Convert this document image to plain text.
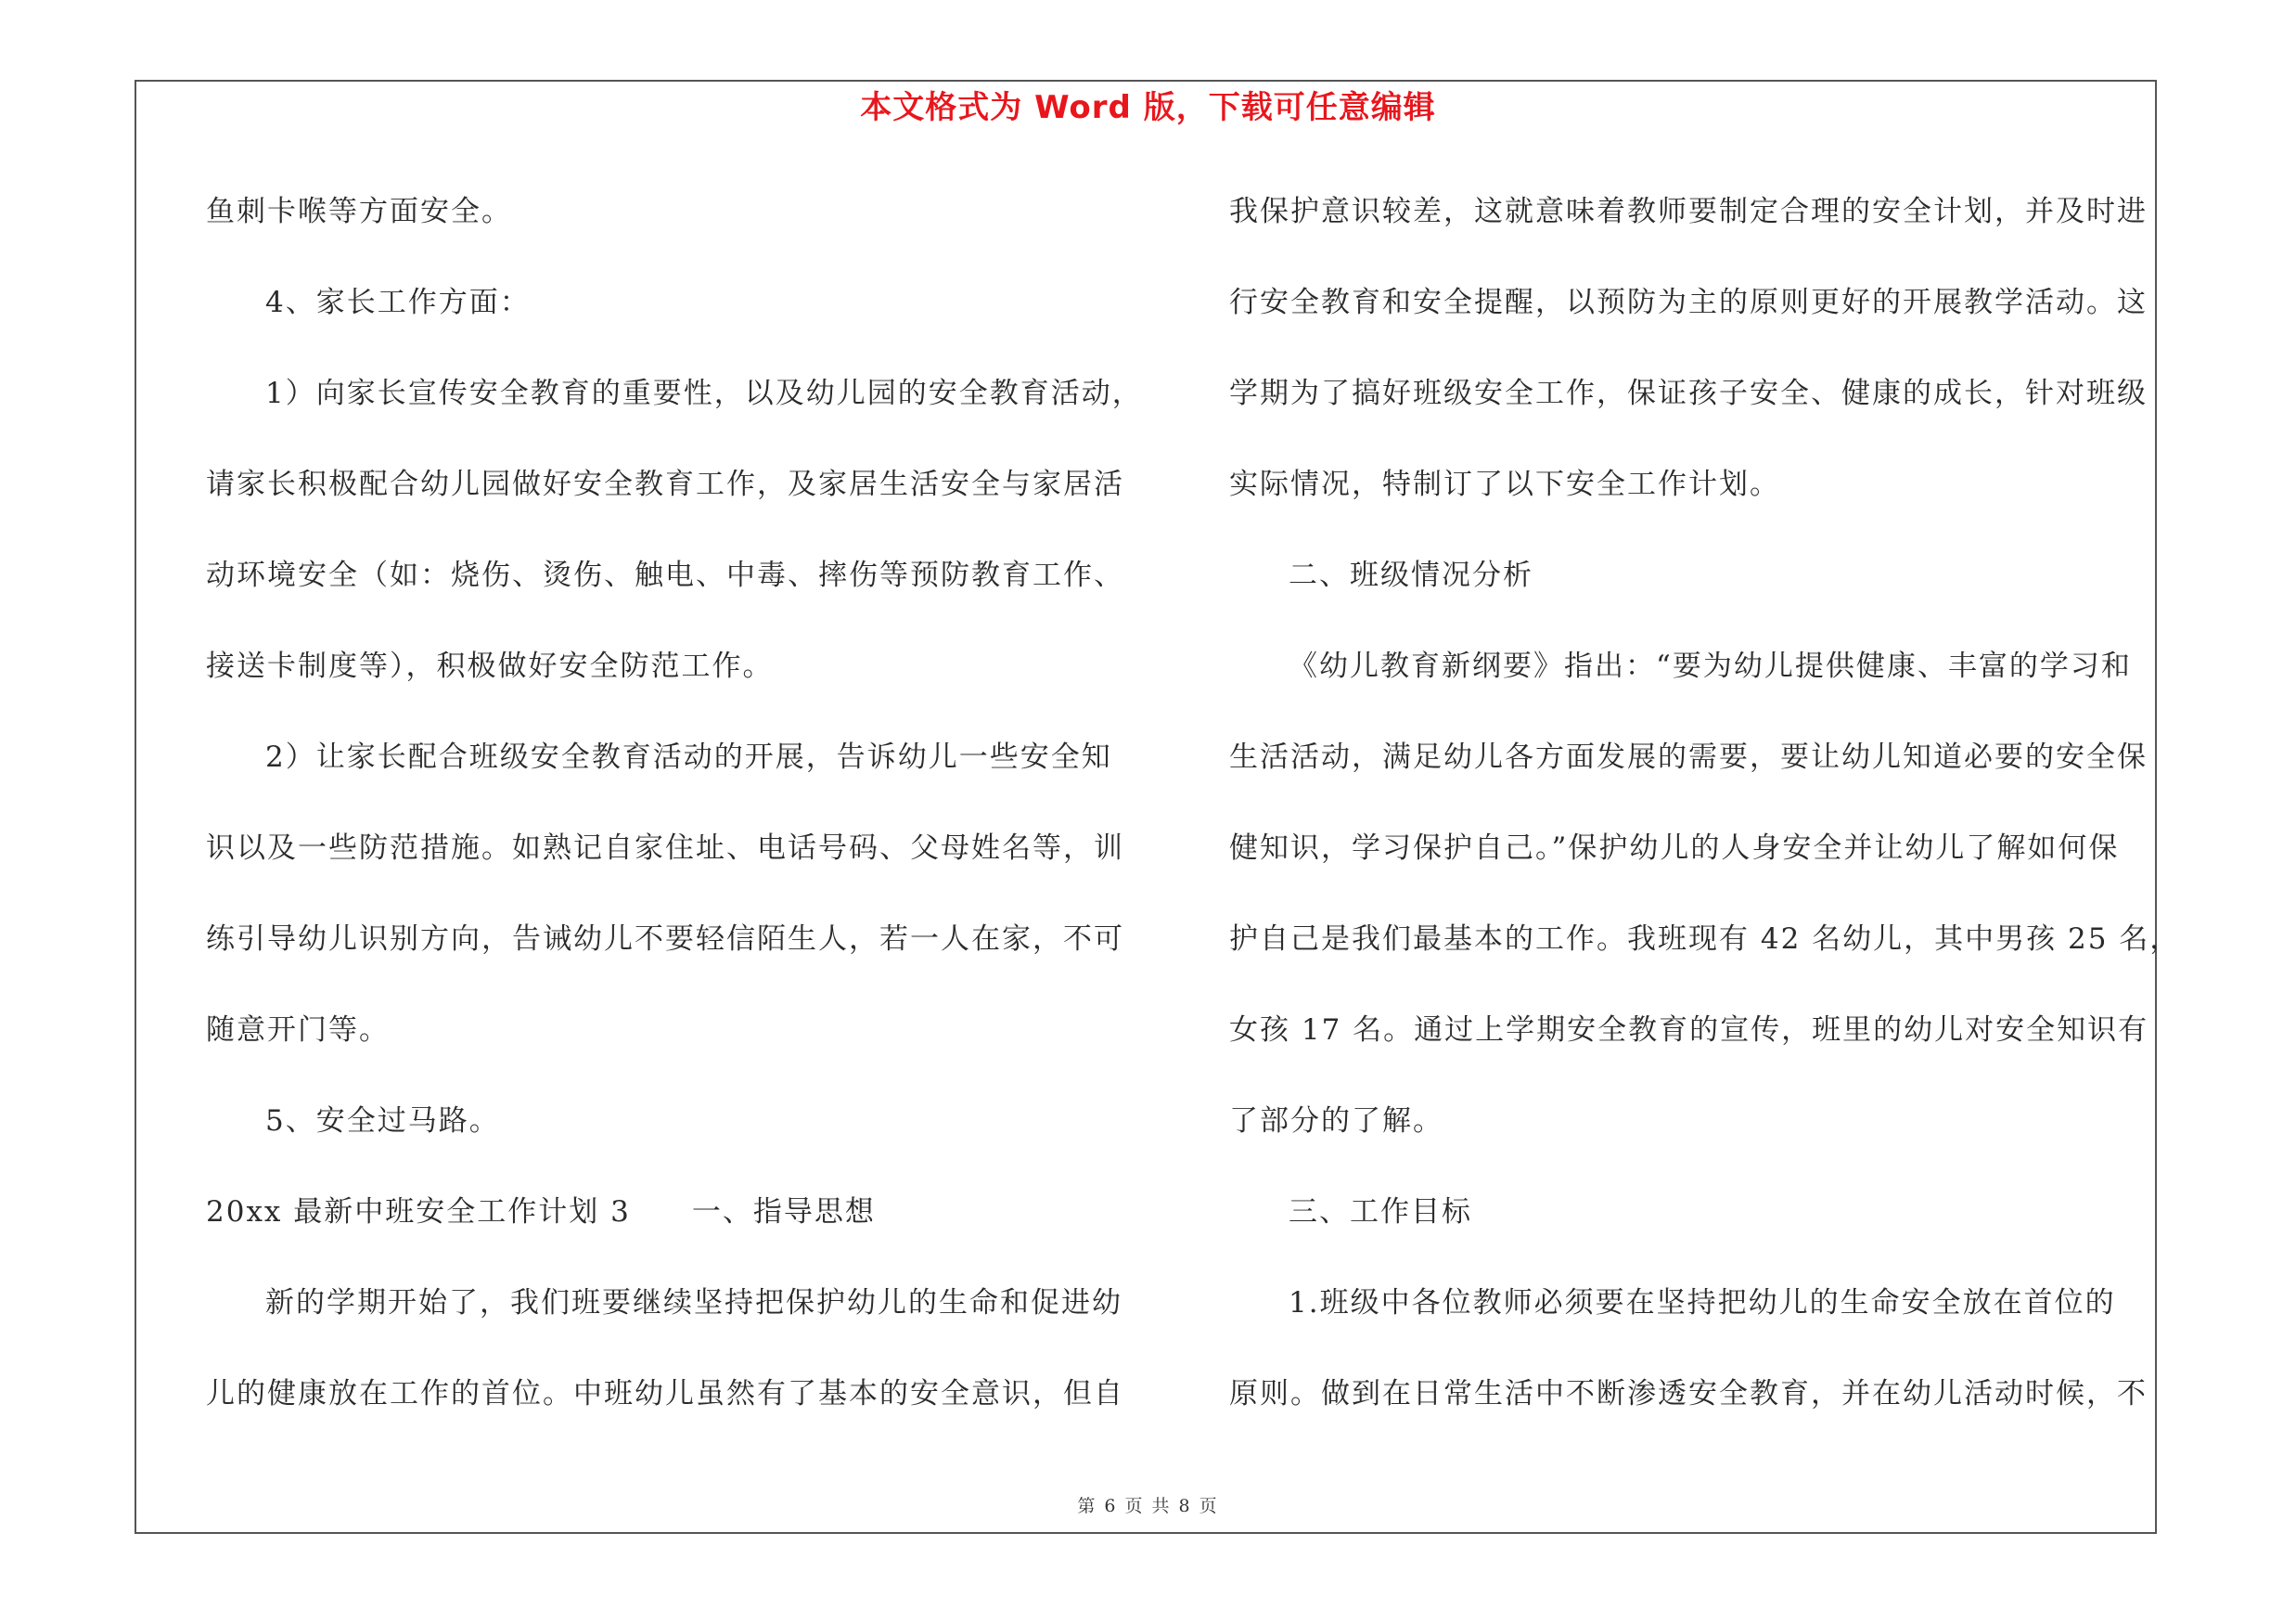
本文格式为 Word 版，下载可任意编辑
鱼刺卡喉等方面安全。
4、家长工作方面：
1）向家长宣传安全教育的重要性，以及幼儿园的安全教育活动，
请家长积极配合幼儿园做好安全教育工作，及家居生活安全与家居活
动环境安全（如：烧伤、烫伤、触电、中毒、摔伤等预防教育工作、
接送卡制度等），积极做好安全防范工作。
2）让家长配合班级安全教育活动的开展，告诉幼儿一些安全知
识以及一些防范措施。如熟记自家住址、电话号码、父母姓名等，训
练引导幼儿识别方向，告诫幼儿不要轻信陌生人，若一人在家，不可
随意开门等。
5、安全过马路。
20xx 最新中班安全工作计划 3　　一、指导思想
新的学期开始了，我们班要继续坚持把保护幼儿的生命和促进幼
儿的健康放在工作的首位。中班幼儿虽然有了基本的安全意识，但自
我保护意识较差，这就意味着教师要制定合理的安全计划，并及时进
行安全教育和安全提醒，以预防为主的原则更好的开展教学活动。这
学期为了搞好班级安全工作，保证孩子安全、健康的成长，针对班级
实际情况，特制订了以下安全工作计划。
二、班级情况分析
《幼儿教育新纲要》指出：“要为幼儿提供健康、丰富的学习和
生活活动，满足幼儿各方面发展的需要，要让幼儿知道必要的安全保
健知识，学习保护自己。”保护幼儿的人身安全并让幼儿了解如何保
护自己是我们最基本的工作。我班现有 42 名幼儿，其中男孩 25 名，
女孩 17 名。通过上学期安全教育的宣传，班里的幼儿对安全知识有
了部分的了解。
三、工作目标
1.班级中各位教师必须要在坚持把幼儿的生命安全放在首位的
原则。做到在日常生活中不断渗透安全教育，并在幼儿活动时候，不
第 6 页 共 8 页
